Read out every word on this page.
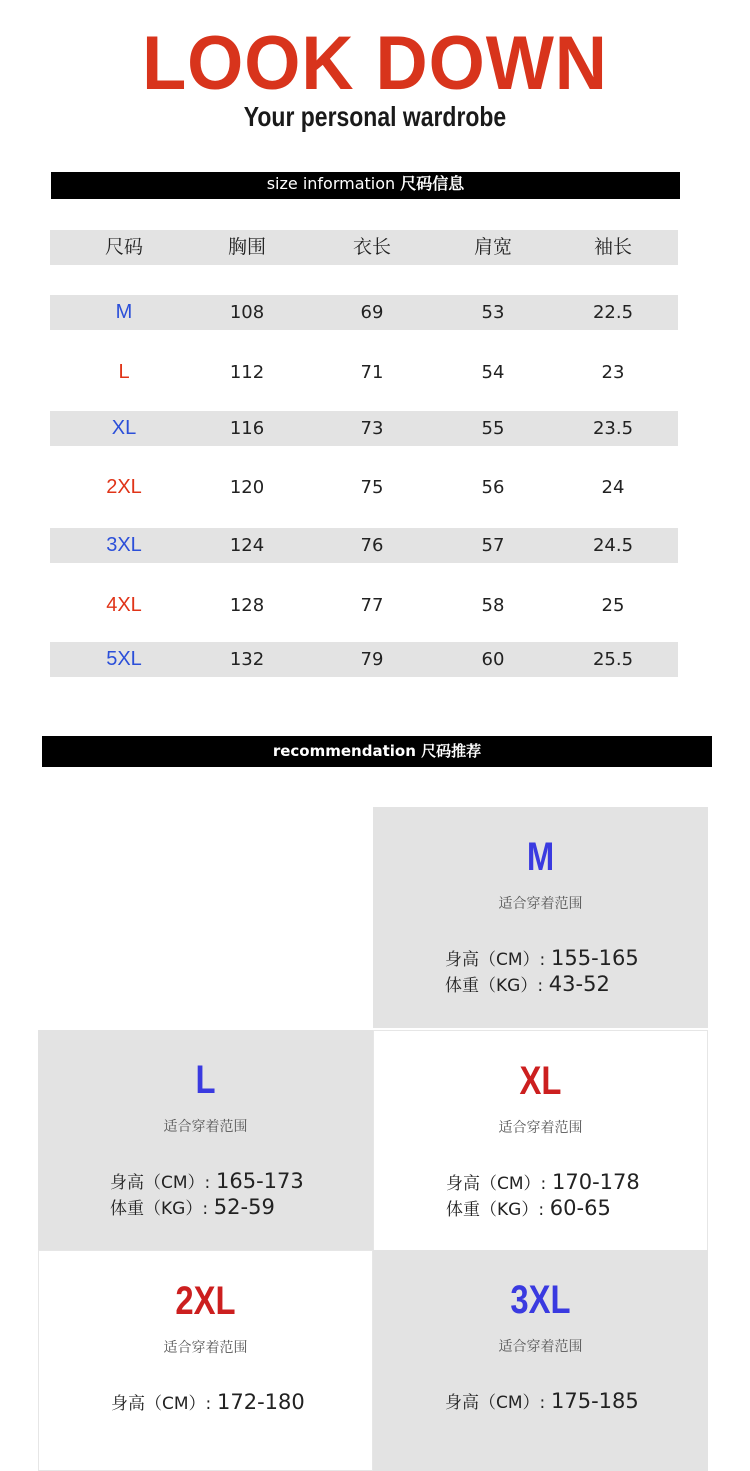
LOOK DOWN
Your personal wardrobe
size information 尺码信息
尺码	胸围	衣长	肩宽	袖长
M	108	69	53	22.5
L	112	71	54	23
XL	116	73	55	23.5
2XL	120	75	56	24
3XL	124	76	57	24.5
4XL	128	77	58	25
5XL	132	79	60	25.5
recommendation 尺码推荐
M
适合穿着范围
身高（CM）: 155-165
体重（KG）: 43-52
L
适合穿着范围
身高（CM）: 165-173
体重（KG）: 52-59
XL
适合穿着范围
身高（CM）: 170-178
体重（KG）: 60-65
2XL
适合穿着范围
身高（CM）: 172-180
3XL
适合穿着范围
身高（CM）: 175-185
